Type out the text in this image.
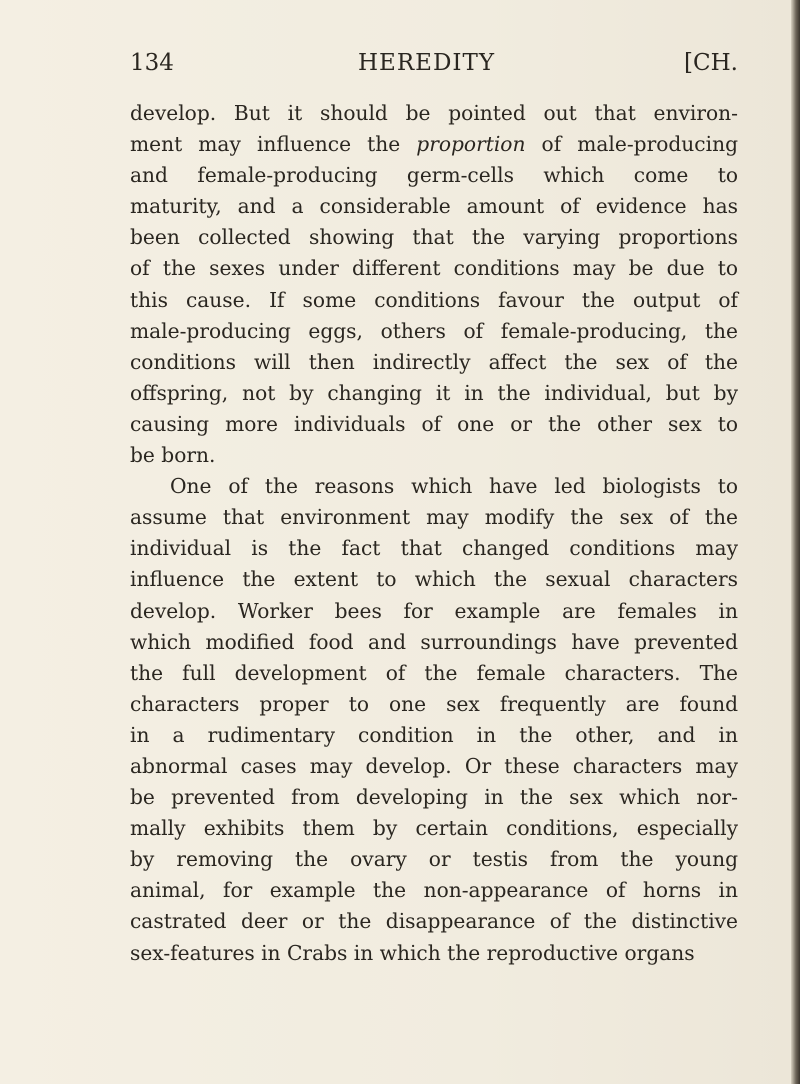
134	HEREDITY	[CH.
develop. But it should be pointed out that environ-
ment may influence the proportion of male-producing
and female-producing germ-cells which come to
maturity, and a considerable amount of evidence has
been collected showing that the varying proportions
of the sexes under different conditions may be due to
this cause. If some conditions favour the output of
male-producing eggs, others of female-producing, the
conditions will then indirectly affect the sex of the
offspring, not by changing it in the individual, but by
causing more individuals of one or the other sex to
be born.
One of the reasons which have led biologists to
assume that environment may modify the sex of the
individual is the fact that changed conditions may
influence the extent to which the sexual characters
develop. Worker bees for example are females in
which modified food and surroundings have prevented
the full development of the female characters. The
characters proper to one sex frequently are found
in a rudimentary condition in the other, and in
abnormal cases may develop. Or these characters may
be prevented from developing in the sex which nor-
mally exhibits them by certain conditions, especially
by removing the ovary or testis from the young
animal, for example the non-appearance of horns in
castrated deer or the disappearance of the distinctive
sex-features in Crabs in which the reproductive organs
